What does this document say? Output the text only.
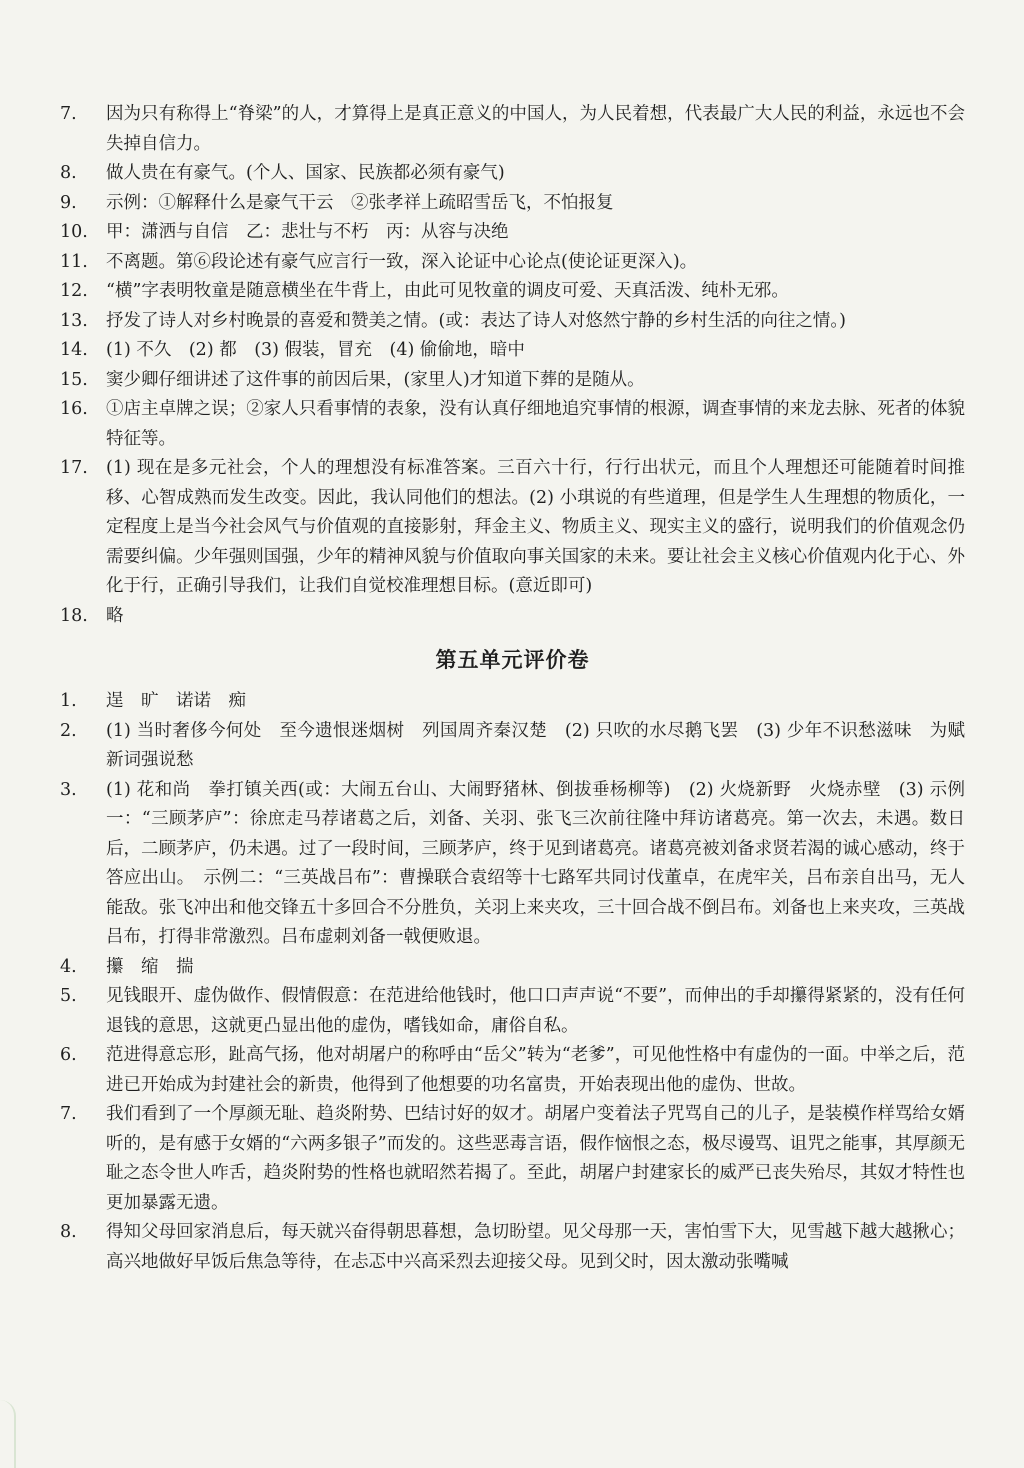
7.	因为只有称得上“脊梁”的人，才算得上是真正意义的中国人，为人民着想，代表最广大人民的利益，永远也不会失掉自信力。
8.	做人贵在有豪气。(个人、国家、民族都必须有豪气)
9.	示例：①解释什么是豪气干云　②张孝祥上疏昭雪岳飞，不怕报复
10.	甲：潇洒与自信　乙：悲壮与不朽　丙：从容与决绝
11.	不离题。第⑥段论述有豪气应言行一致，深入论证中心论点(使论证更深入)。
12.	“横”字表明牧童是随意横坐在牛背上，由此可见牧童的调皮可爱、天真活泼、纯朴无邪。
13.	抒发了诗人对乡村晚景的喜爱和赞美之情。(或：表达了诗人对悠然宁静的乡村生活的向往之情。)
14.	(1) 不久　(2) 都　(3) 假装，冒充　(4) 偷偷地，暗中
15.	窦少卿仔细讲述了这件事的前因后果，(家里人)才知道下葬的是随从。
16.	①店主卓牌之误；②家人只看事情的表象，没有认真仔细地追究事情的根源，调查事情的来龙去脉、死者的体貌特征等。
17.	(1) 现在是多元社会，个人的理想没有标准答案。三百六十行，行行出状元，而且个人理想还可能随着时间推移、心智成熟而发生改变。因此，我认同他们的想法。(2) 小琪说的有些道理，但是学生人生理想的物质化，一定程度上是当今社会风气与价值观的直接影射，拜金主义、物质主义、现实主义的盛行，说明我们的价值观念仍需要纠偏。少年强则国强，少年的精神风貌与价值取向事关国家的未来。要让社会主义核心价值观内化于心、外化于行，正确引导我们，让我们自觉校准理想目标。(意近即可)
18.	略
第五单元评价卷
1.	逞　旷　诺诺　痴
2.	(1) 当时奢侈今何处　至今遗恨迷烟树　列国周齐秦汉楚　(2) 只吹的水尽鹅飞罢　(3) 少年不识愁滋味　为赋新词强说愁
3.	(1) 花和尚　拳打镇关西(或：大闹五台山、大闹野猪林、倒拔垂杨柳等)　(2) 火烧新野　火烧赤壁　(3) 示例一：“三顾茅庐”：徐庶走马荐诸葛之后，刘备、关羽、张飞三次前往隆中拜访诸葛亮。第一次去，未遇。数日后，二顾茅庐，仍未遇。过了一段时间，三顾茅庐，终于见到诸葛亮。诸葛亮被刘备求贤若渴的诚心感动，终于答应出山。　示例二：“三英战吕布”：曹操联合袁绍等十七路军共同讨伐董卓，在虎牢关，吕布亲自出马，无人能敌。张飞冲出和他交锋五十多回合不分胜负，关羽上来夹攻，三十回合战不倒吕布。刘备也上来夹攻，三英战吕布，打得非常激烈。吕布虚刺刘备一戟便败退。
4.	攥　缩　揣
5.	见钱眼开、虚伪做作、假情假意：在范进给他钱时，他口口声声说“不要”，而伸出的手却攥得紧紧的，没有任何退钱的意思，这就更凸显出他的虚伪，嗜钱如命，庸俗自私。
6.	范进得意忘形，趾高气扬，他对胡屠户的称呼由“岳父”转为“老爹”，可见他性格中有虚伪的一面。中举之后，范进已开始成为封建社会的新贵，他得到了他想要的功名富贵，开始表现出他的虚伪、世故。
7.	我们看到了一个厚颜无耻、趋炎附势、巴结讨好的奴才。胡屠户变着法子咒骂自己的儿子，是装模作样骂给女婿听的，是有感于女婿的“六两多银子”而发的。这些恶毒言语，假作恼恨之态，极尽谩骂、诅咒之能事，其厚颜无耻之态令世人咋舌，趋炎附势的性格也就昭然若揭了。至此，胡屠户封建家长的威严已丧失殆尽，其奴才特性也更加暴露无遗。
8.	得知父母回家消息后，每天就兴奋得朝思暮想，急切盼望。见父母那一天，害怕雪下大，见雪越下越大越揪心；高兴地做好早饭后焦急等待，在忐忑中兴高采烈去迎接父母。见到父时，因太激动张嘴喊
